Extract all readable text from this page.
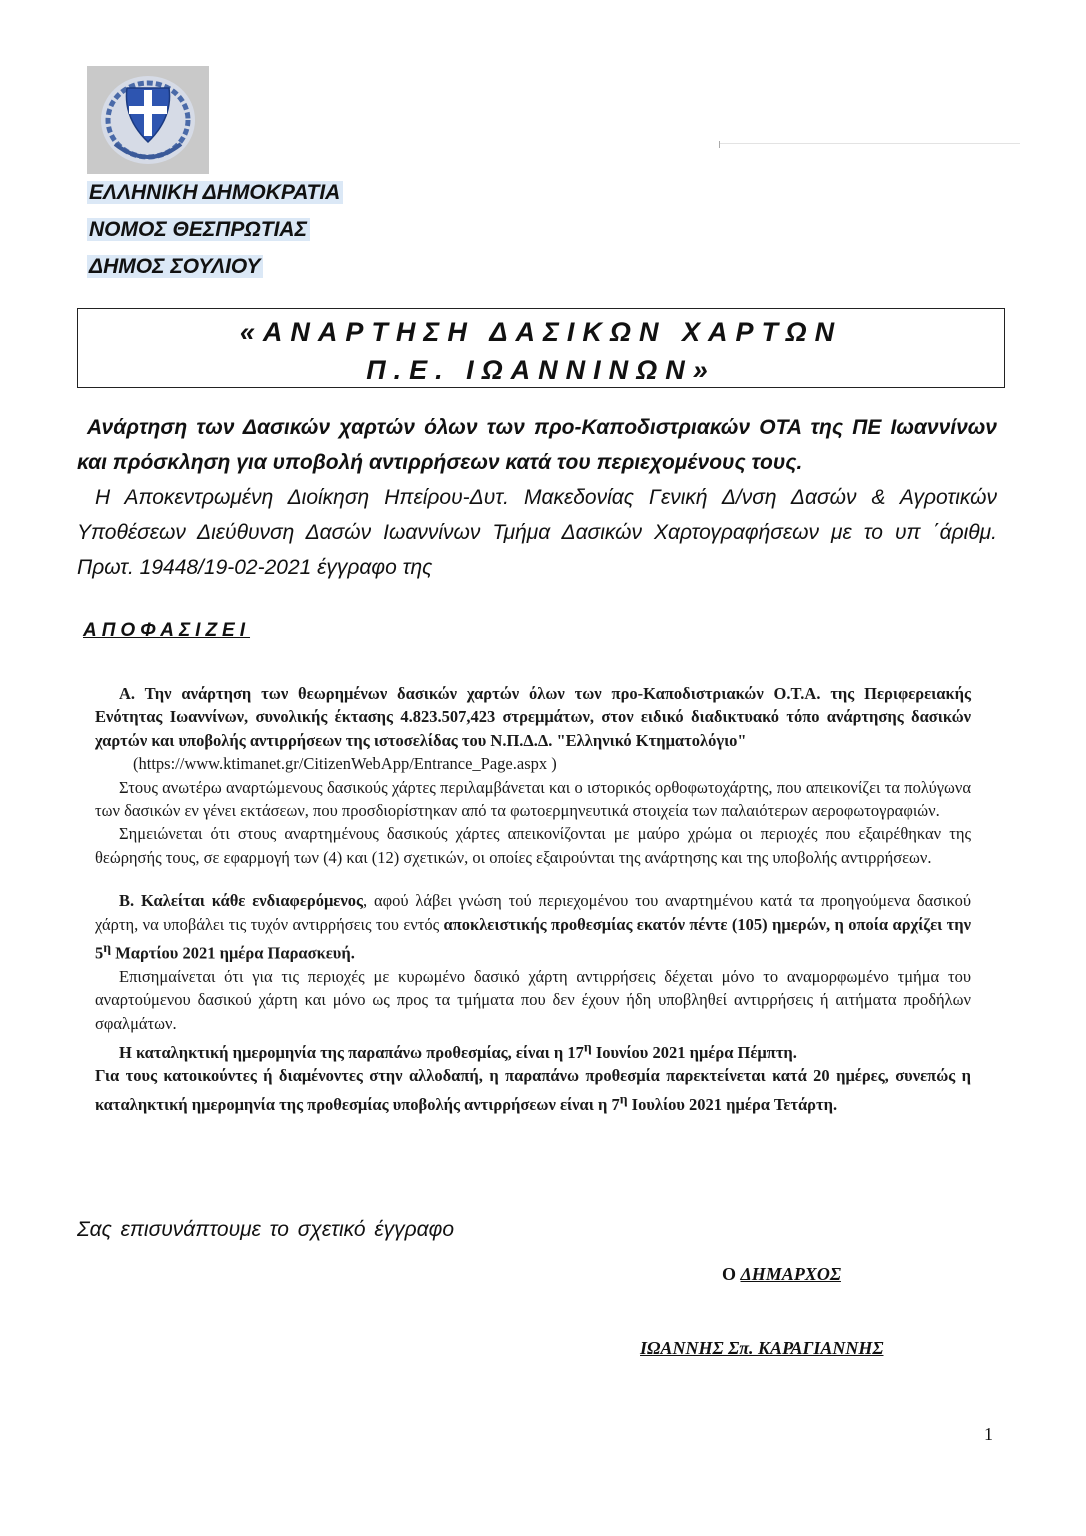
ΕΛΛΗΝΙΚΗ ΔΗΜΟΚΡΑΤΙΑ
ΝΟΜΟΣ ΘΕΣΠΡΩΤΙΑΣ
ΔΗΜΟΣ ΣΟΥΛΙΟΥ
«ΑΝΑΡΤΗΣΗ ΔΑΣΙΚΩΝ ΧΑΡΤΩΝ
Π.Ε. ΙΩΑΝΝΙΝΩΝ»

Ανάρτηση των Δασικών χαρτών όλων των προ-Καποδιστριακών ΟΤΑ της ΠΕ Ιωαννίνων και πρόσκληση για υποβολή αντιρρήσεων κατά του περιεχομένους τους.

Η Αποκεντρωμένη Διοίκηση Ηπείρου-Δυτ. Μακεδονίας Γενική Δ/νση Δασών & Αγροτικών Υποθέσεων Διεύθυνση Δασών Ιωαννίνων Τμήμα Δασικών Χαρτογραφήσεων με το υπ ΄άριθμ. Πρωτ. 19448/19-02-2021 έγγραφο της

ΑΠΟΦΑΣΙΖΕΙ

Α. Την ανάρτηση των θεωρημένων δασικών χαρτών όλων των προ-Καποδιστριακών Ο.Τ.Α. της Περιφερειακής Ενότητας Ιωαννίνων, συνολικής έκτασης 4.823.507,423 στρεμμάτων, στον ειδικό διαδικτυακό τόπο ανάρτησης δασικών χαρτών και υποβολής αντιρρήσεων της ιστοσελίδας του Ν.Π.Δ.Δ. "Ελληνικό Κτηματολόγιο"

(https://www.ktimanet.gr/CitizenWebApp/Entrance_Page.aspx )

Στους ανωτέρω αναρτώμενους δασικούς χάρτες περιλαμβάνεται και ο ιστορικός ορθοφωτοχάρτης, που απεικονίζει τα πολύγωνα των δασικών εν γένει εκτάσεων, που προσδιορίστηκαν από τα φωτοερμηνευτικά στοιχεία των παλαιότερων αεροφωτογραφιών.

Σημειώνεται ότι στους αναρτημένους δασικούς χάρτες απεικονίζονται με μαύρο χρώμα οι περιοχές που εξαιρέθηκαν της θεώρησής τους, σε εφαρμογή των (4) και (12) σχετικών, οι οποίες εξαιρούνται της ανάρτησης και της υποβολής αντιρρήσεων.

Β. Καλείται κάθε ενδιαφερόμενος, αφού λάβει γνώση τού περιεχομένου του αναρτημένου κατά τα προηγούμενα δασικού χάρτη, να υποβάλει τις τυχόν αντιρρήσεις του εντός αποκλειστικής προθεσμίας εκατόν πέντε (105) ημερών, η οποία αρχίζει την $5^\eta$ Μαρτίου 2021 ημέρα Παρασκευή.

Επισημαίνεται ότι για τις περιοχές με κυρωμένο δασικό χάρτη αντιρρήσεις δέχεται μόνο το αναμορφωμένο τμήμα του αναρτούμενου δασικού χάρτη και μόνο ως προς τα τμήματα που δεν έχουν ήδη υποβληθεί αντιρρήσεις ή αιτήματα προδήλων σφαλμάτων.

Η καταληκτική ημερομηνία της παραπάνω προθεσμίας, είναι η $17^\eta$ Ιουνίου 2021 ημέρα Πέμπτη.

Για τους κατοικούντες ή διαμένοντες στην αλλοδαπή, η παραπάνω προθεσμία παρεκτείνεται κατά 20 ημέρες, συνεπώς η καταληκτική ημερομηνία της προθεσμίας υποβολής αντιρρήσεων είναι η $7^\eta$ Ιουλίου 2021 ημέρα Τετάρτη.

Σας επισυνάπτουμε το σχετικό έγγραφο
Ο ΔΗΜΑΡΧΟΣ
ΙΩΑΝΝΗΣ Σπ. ΚΑΡΑΓΙΑΝΝΗΣ
1
